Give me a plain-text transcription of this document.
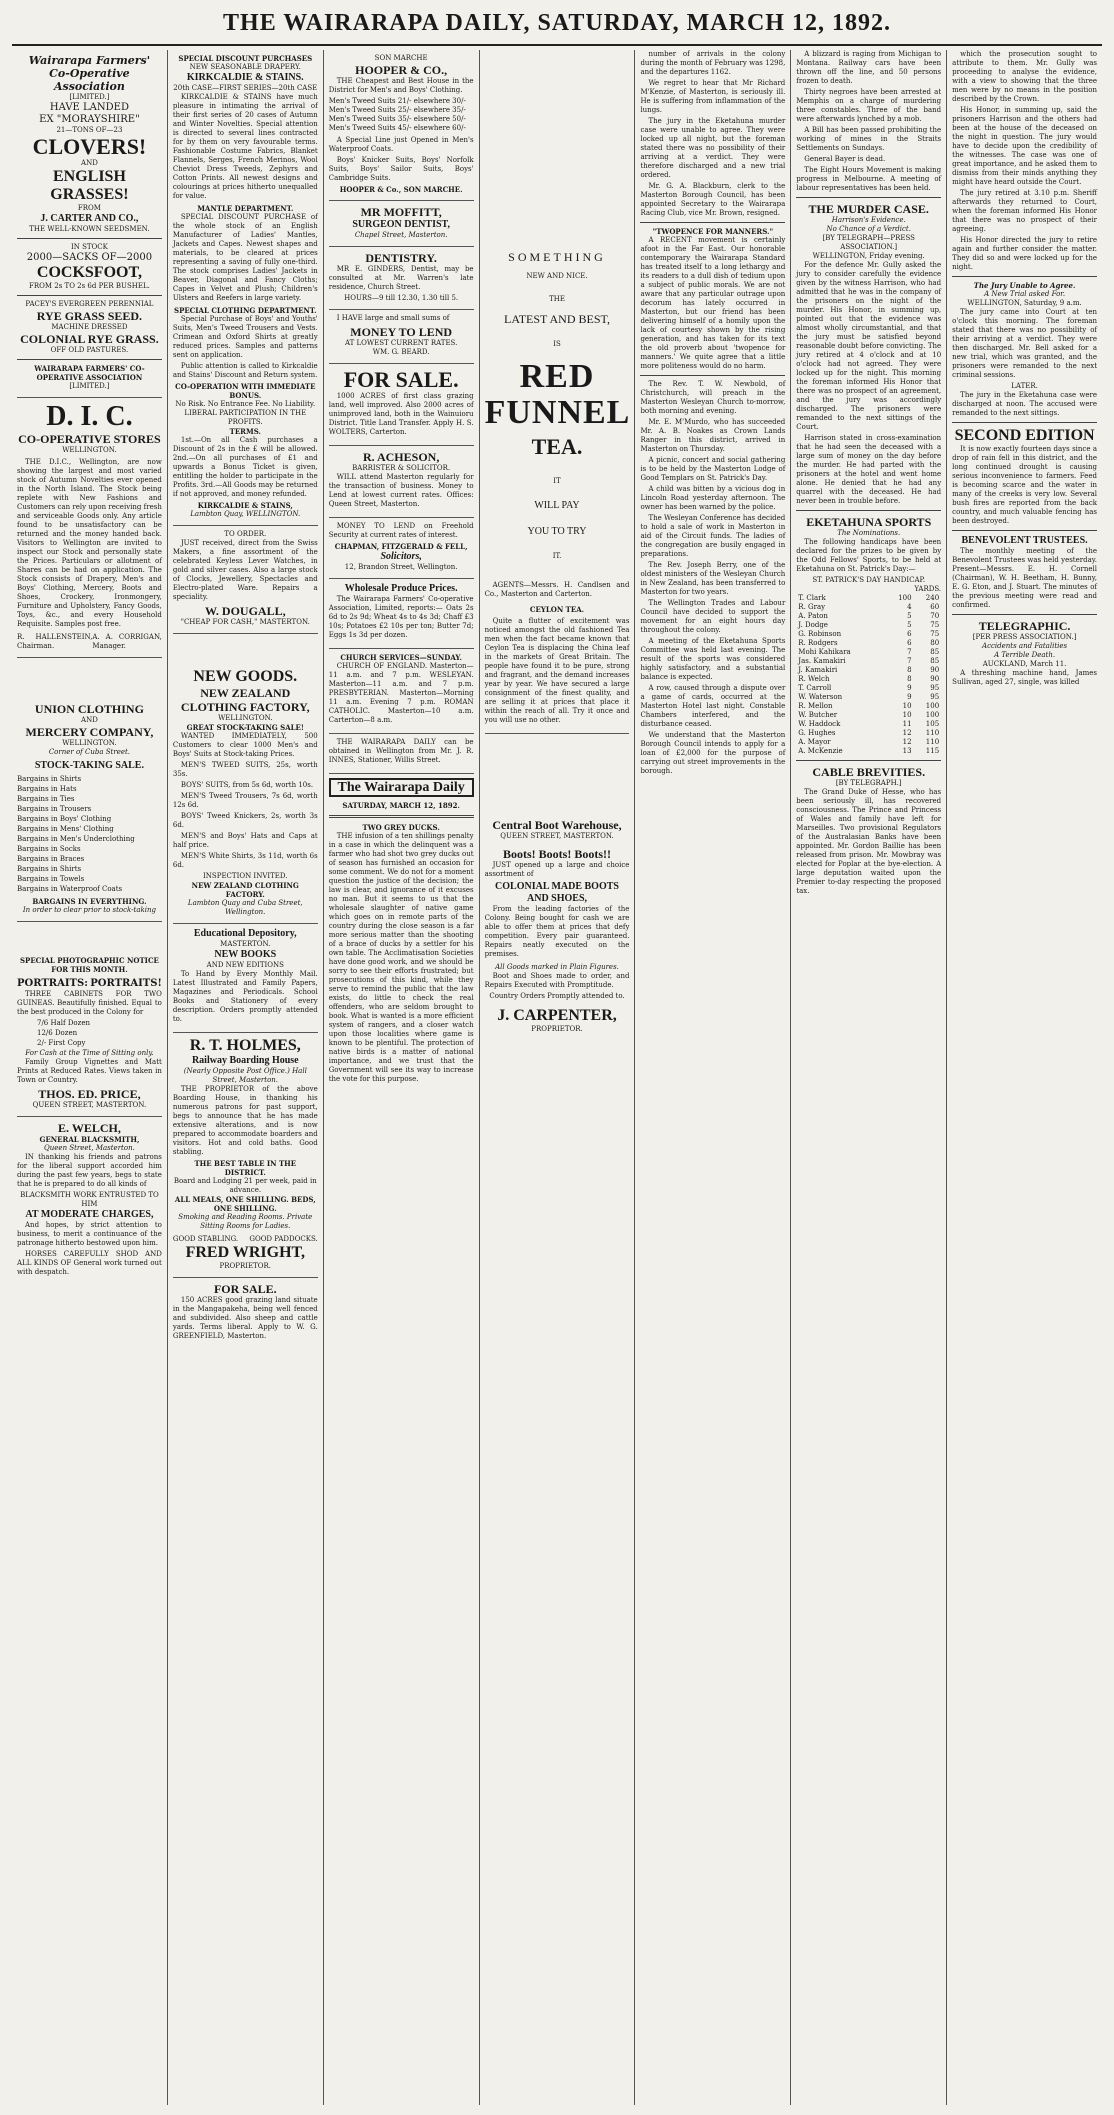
THE WAIRARAPA DAILY, SATURDAY, MARCH 12, 1892.
Wairarapa Farmers' Co-Operative Association
[LIMITED.]
HAVE LANDED
EX "MORAYSHIRE"
21—TONS OF—23
CLOVERS!
AND
ENGLISH GRASSES!
FROM
J. CARTER AND CO.,
THE WELL-KNOWN SEEDSMEN.
IN STOCK
2000—SACKS OF—2000
COCKSFOOT,
FROM 2s TO 2s 6d PER BUSHEL.
PACEY'S EVERGREEN PERENNIAL
RYE GRASS SEED.
MACHINE DRESSED
COLONIAL RYE GRASS.
OFF OLD PASTURES.
WAIRARAPA FARMERS' CO-OPERATIVE ASSOCIATION
[LIMITED.]
D. I. C.
CO-OPERATIVE STORES
WELLINGTON.
THE D.I.C., Wellington, are now showing the largest and most varied stock of Autumn Novelties ever opened in the North Island. The Stock being replete with New Fashions and Customers can rely upon receiving fresh and serviceable Goods only. Any article found to be unsatisfactory can be returned and the money handed back. Visitors to Wellington are invited to inspect our Stock and personally state the Prices. Particulars or allotment of Shares can be had on application. The Stock consists of Drapery, Men's and Boys' Clothing, Mercery, Boots and Shoes, Crockery, Ironmongery, Furniture and Upholstery, Fancy Goods, Toys, &c., and every Household Requisite. Samples post free.
R. HALLENSTEIN, Chairman.
A. A. CORRIGAN, Manager.
UNION CLOTHING
AND
MERCERY COMPANY,
WELLINGTON.
Corner of Cuba Street.
STOCK-TAKING SALE.
Bargains in Shirts
Bargains in Hats
Bargains in Ties
Bargains in Trousers
Bargains in Boys' Clothing
Bargains in Mens' Clothing
Bargains in Men's Underclothing
Bargains in Socks
Bargains in Braces
Bargains in Shirts
Bargains in Towels
Bargains in Waterproof Coats
BARGAINS IN EVERYTHING.
In order to clear prior to stock-taking
SPECIAL PHOTOGRAPHIC NOTICE FOR THIS MONTH.
PORTRAITS: PORTRAITS!
THREE CABINETS FOR TWO GUINEAS. Beautifully finished. Equal to the best produced in the Colony for
7/6 Half Dozen
12/6 Dozen
2/- First Copy
For Cash at the Time of Sitting only.
Family Group Vignettes and Matt Prints at Reduced Rates. Views taken in Town or Country.
THOS. ED. PRICE,
QUEEN STREET, MASTERTON.
E. WELCH,
GENERAL BLACKSMITH,
Queen Street, Masterton.
IN thanking his friends and patrons for the liberal support accorded him during the past few years, begs to state that he is prepared to do all kinds of
BLACKSMITH WORK ENTRUSTED TO HIM
AT MODERATE CHARGES,
And hopes, by strict attention to business, to merit a continuance of the patronage hitherto bestowed upon him.
HORSES CAREFULLY SHOD AND ALL KINDS OF General work turned out with despatch.
SPECIAL DISCOUNT PURCHASES
NEW SEASONABLE DRAPERY.
KIRKCALDIE & STAINS.
20th CASE—FIRST SERIES—20th CASE
KIRKCALDIE & STAINS have much pleasure in intimating the arrival of their first series of 20 cases of Autumn and Winter Novelties. Special attention is directed to several lines contracted for by them on very favourable terms. Fashionable Costume Fabrics, Blanket Flannels, Serges, French Merinos, Wool Cheviot Dress Tweeds, Zephyrs and Cotton Prints. All newest designs and colourings at prices hitherto unequalled for value.
MANTLE DEPARTMENT.
SPECIAL DISCOUNT PURCHASE of the whole stock of an English Manufacturer of Ladies' Mantles, Jackets and Capes. Newest shapes and materials, to be cleared at prices representing a saving of fully one-third. The stock comprises Ladies' Jackets in Beaver, Diagonal and Fancy Cloths; Capes in Velvet and Plush; Children's Ulsters and Reefers in large variety.
SPECIAL CLOTHING DEPARTMENT.
Special Purchase of Boys' and Youths' Suits, Men's Tweed Trousers and Vests. Crimean and Oxford Shirts at greatly reduced prices. Samples and patterns sent on application.
Public attention is called to Kirkcaldie and Stains' Discount and Return system.
CO-OPERATION WITH IMMEDIATE BONUS.
No Risk. No Entrance Fee. No Liability.
LIBERAL PARTICIPATION IN THE PROFITS.
TERMS.
1st.—On all Cash purchases a Discount of 2s in the £ will be allowed. 2nd.—On all purchases of £1 and upwards a Bonus Ticket is given, entitling the holder to participate in the Profits. 3rd.—All Goods may be returned if not approved, and money refunded.
KIRKCALDIE & STAINS,
Lambton Quay, WELLINGTON.
TO ORDER.
JUST received, direct from the Swiss Makers, a fine assortment of the celebrated Keyless Lever Watches, in gold and silver cases. Also a large stock of Clocks, Jewellery, Spectacles and Electro-plated Ware. Repairs a speciality.
W. DOUGALL,
"CHEAP FOR CASH," MASTERTON.
NEW GOODS.
NEW ZEALAND CLOTHING FACTORY,
WELLINGTON.
GREAT STOCK-TAKING SALE!
WANTED IMMEDIATELY, 500 Customers to clear 1000 Men's and Boys' Suits at Stock-taking Prices.
MEN'S TWEED SUITS, 25s, worth 35s.
BOYS' SUITS, from 5s 6d, worth 10s.
MEN'S Tweed Trousers, 7s 6d, worth 12s 6d.
BOYS' Tweed Knickers, 2s, worth 3s 6d.
MEN'S and Boys' Hats and Caps at half price.
MEN'S White Shirts, 3s 11d, worth 6s 6d.
INSPECTION INVITED.
NEW ZEALAND CLOTHING FACTORY.
Lambton Quay and Cuba Street, Wellington.
Educational Depository,
MASTERTON.
NEW BOOKS
AND NEW EDITIONS
To Hand by Every Monthly Mail. Latest Illustrated and Family Papers, Magazines and Periodicals. School Books and Stationery of every description. Orders promptly attended to.
R. T. HOLMES,
Railway Boarding House
(Nearly Opposite Post Office.) Hall Street, Masterton.
THE PROPRIETOR of the above Boarding House, in thanking his numerous patrons for past support, begs to announce that he has made extensive alterations, and is now prepared to accommodate boarders and visitors. Hot and cold baths. Good stabling.
THE BEST TABLE IN THE DISTRICT.
Board and Lodging 21 per week, paid in advance.
ALL MEALS, ONE SHILLING. BEDS, ONE SHILLING.
Smoking and Reading Rooms. Private
Sitting Rooms for Ladies.
GOOD STABLING. GOOD PADDOCKS.
FRED WRIGHT,
PROPRIETOR.
FOR SALE.
150 ACRES good grazing land situate in the Mangapakeha, being well fenced and subdivided. Also sheep and cattle yards. Terms liberal. Apply to W. G. GREENFIELD, Masterton.
SON MARCHE
HOOPER & CO.,
THE Cheapest and Best House in the District for Men's and Boys' Clothing.
Men's Tweed Suits 21/- elsewhere 30/-
Men's Tweed Suits 25/- elsewhere 35/-
Men's Tweed Suits 35/- elsewhere 50/-
Men's Tweed Suits 45/- elsewhere 60/-
A Special Line just Opened in Men's Waterproof Coats.
Boys' Knicker Suits, Boys' Norfolk Suits, Boys' Sailor Suits, Boys' Cambridge Suits.
HOOPER & Co., SON MARCHE.
MR MOFFITT,
SURGEON DENTIST,
Chapel Street, Masterton.
DENTISTRY.
MR E. GINDERS, Dentist, may be consulted at Mr. Warren's late residence, Church Street.
HOURS—9 till 12.30, 1.30 till 5.
I HAVE large and small sums of
MONEY TO LEND
AT LOWEST CURRENT RATES.
WM. G. BEARD.
FOR SALE.
1000 ACRES of first class grazing land, well improved. Also 2000 acres of unimproved land, both in the Wainuioru District. Title Land Transfer. Apply H. S. WOLTERS, Carterton.
R. ACHESON,
BARRISTER & SOLICITOR.
WILL attend Masterton regularly for the transaction of business. Money to Lend at lowest current rates. Offices: Queen Street, Masterton.
MONEY TO LEND on Freehold Security at current rates of interest.
CHAPMAN, FITZGERALD & FELL,
Solicitors,
12, Brandon Street, Wellington.
Wholesale Produce Prices.
The Wairarapa Farmers' Co-operative Association, Limited, reports:— Oats 2s 6d to 2s 9d; Wheat 4s to 4s 3d; Chaff £3 10s; Potatoes £2 10s per ton; Butter 7d; Eggs 1s 3d per dozen.
CHURCH SERVICES—SUNDAY.
CHURCH OF ENGLAND. Masterton—11 a.m. and 7 p.m. WESLEYAN. Masterton—11 a.m. and 7 p.m. PRESBYTERIAN. Masterton—Morning 11 a.m. Evening 7 p.m. ROMAN CATHOLIC. Masterton—10 a.m. Carterton—8 a.m.
THE WAIRARAPA DAILY can be obtained in Wellington from Mr. J. R. INNES, Stationer, Willis Street.
The Wairarapa Daily
SATURDAY, MARCH 12, 1892.
TWO GREY DUCKS.
THE infusion of a ten shillings penalty in a case in which the delinquent was a farmer who had shot two grey ducks out of season has furnished an occasion for some comment. We do not for a moment question the justice of the decision; the law is clear, and ignorance of it excuses no man. But it seems to us that the wholesale slaughter of native game which goes on in remote parts of the country during the close season is a far more serious matter than the shooting of a brace of ducks by a settler for his own table. The Acclimatisation Societies have done good work, and we should be sorry to see their efforts frustrated; but prosecutions of this kind, while they serve to remind the public that the law exists, do little to check the real offenders, who are seldom brought to book. What is wanted is a more efficient system of rangers, and a closer watch upon those localities where game is known to be plentiful. The protection of native birds is a matter of national importance, and we trust that the Government will see its way to increase the vote for this purpose.
SOMETHING
NEW AND NICE.
THE
LATEST AND BEST,
IS
RED FUNNEL
TEA.
IT
WILL PAY
YOU TO TRY
IT.
AGENTS—Messrs. H. Candlsen and Co., Masterton and Carterton.
CEYLON TEA.
Quite a flutter of excitement was noticed amongst the old fashioned Tea men when the fact became known that Ceylon Tea is displacing the China leaf in the markets of Great Britain. The people have found it to be pure, strong and fragrant, and the demand increases year by year. We have secured a large consignment of the finest quality, and are selling it at prices that place it within the reach of all. Try it once and you will use no other.
Central Boot Warehouse,
QUEEN STREET, MASTERTON.
Boots! Boots! Boots!!
JUST opened up a large and choice assortment of
COLONIAL MADE BOOTS AND SHOES,
From the leading factories of the Colony. Being bought for cash we are able to offer them at prices that defy competition. Every pair guaranteed. Repairs neatly executed on the premises.
All Goods marked in Plain Figures.
Boot and Shoes made to order, and Repairs Executed with Promptitude.
Country Orders Promptly attended to.
J. CARPENTER,
PROPRIETOR.
number of arrivals in the colony during the month of February was 1298, and the departures 1162.
We regret to hear that Mr Richard M'Kenzie, of Masterton, is seriously ill. He is suffering from inflammation of the lungs.
The jury in the Eketahuna murder case were unable to agree. They were locked up all night, but the foreman stated there was no possibility of their arriving at a verdict. They were therefore discharged and a new trial ordered.
Mr. G. A. Blackburn, clerk to the Masterton Borough Council, has been appointed Secretary to the Wairarapa Racing Club, vice Mr. Brown, resigned.
"TWOPENCE FOR MANNERS."
A RECENT movement is certainly afoot in the Far East. Our honorable contemporary the Wairarapa Standard has treated itself to a long lethargy and its readers to a dull dish of tedium upon a subject of public morals. We are not aware that any particular outrage upon decorum has lately occurred in Masterton, but our friend has been delivering himself of a homily upon the lack of courtesy shown by the rising generation, and has taken for its text the old proverb about 'twopence for manners.' We quite agree that a little more politeness would do no harm.
The Rev. T. W. Newbold, of Christchurch, will preach in the Masterton Wesleyan Church to-morrow, both morning and evening.
Mr. E. M'Murdo, who has succeeded Mr. A. B. Noakes as Crown Lands Ranger in this district, arrived in Masterton on Thursday.
A picnic, concert and social gathering is to be held by the Masterton Lodge of Good Templars on St. Patrick's Day.
A child was bitten by a vicious dog in Lincoln Road yesterday afternoon. The owner has been warned by the police.
The Wesleyan Conference has decided to hold a sale of work in Masterton in aid of the Circuit funds. The ladies of the congregation are busily engaged in preparations.
The Rev. Joseph Berry, one of the oldest ministers of the Wesleyan Church in New Zealand, has been transferred to Masterton for two years.
The Wellington Trades and Labour Council have decided to support the movement for an eight hours day throughout the colony.
A meeting of the Eketahuna Sports Committee was held last evening. The result of the sports was considered highly satisfactory, and a substantial balance is expected.
A row, caused through a dispute over a game of cards, occurred at the Masterton Hotel last night. Constable Chambers interfered, and the disturbance ceased.
We understand that the Masterton Borough Council intends to apply for a loan of £2,000 for the purpose of carrying out street improvements in the borough.
A blizzard is raging from Michigan to Montana. Railway cars have been thrown off the line, and 50 persons frozen to death.
Thirty negroes have been arrested at Memphis on a charge of murdering three constables. Three of the band were afterwards lynched by a mob.
A Bill has been passed prohibiting the working of mines in the Straits Settlements on Sundays.
General Bayer is dead.
The Eight Hours Movement is making progress in Melbourne. A meeting of labour representatives has been held.
THE MURDER CASE.
Harrison's Evidence.
No Chance of a Verdict.
[BY TELEGRAPH—PRESS ASSOCIATION.]
WELLINGTON, Friday evening.
For the defence Mr. Gully asked the jury to consider carefully the evidence given by the witness Harrison, who had admitted that he was in the company of the prisoners on the night of the murder. His Honor, in summing up, pointed out that the evidence was almost wholly circumstantial, and that the jury must be satisfied beyond reasonable doubt before convicting. The jury retired at 4 o'clock and at 10 o'clock had not agreed. They were locked up for the night. This morning the foreman informed His Honor that there was no prospect of an agreement, and the jury was accordingly discharged. The prisoners were remanded to the next sittings of the Court.
Harrison stated in cross-examination that he had seen the deceased with a large sum of money on the day before the murder. He had parted with the prisoners at the hotel and went home alone. He denied that he had any quarrel with the deceased. He had never been in trouble before.
EKETAHUNA SPORTS
The Nominations.
The following handicaps have been declared for the prizes to be given by the Odd Fellows' Sports, to be held at Eketahuna on St. Patrick's Day:—
ST. PATRICK'S DAY HANDICAP.
YARDS.
T. Clark	100	240
R. Gray	4	60
A. Paton	5	70
J. Dodge	5	75
G. Robinson	6	75
R. Rodgers	6	80
Mohi Kahikara	7	85
Jas. Kamakiri	7	85
J. Kamakiri	8	90
R. Welch	8	90
T. Carroll	9	95
W. Waterson	9	95
R. Mellon	10	100
W. Butcher	10	100
W. Haddock	11	105
G. Hughes	12	110
A. Mayor	12	110
A. McKenzie	13	115
CABLE BREVITIES.
[BY TELEGRAPH.]
The Grand Duke of Hesse, who has been seriously ill, has recovered consciousness. The Prince and Princess of Wales and family have left for Marseilles. Two provisional Regulators of the Australasian Banks have been appointed. Mr. Gordon Baillie has been released from prison. Mr. Mowbray was elected for Poplar at the bye-election. A large deputation waited upon the Premier to-day respecting the proposed tax.
which the prosecution sought to attribute to them. Mr. Gully was proceeding to analyse the evidence, with a view to showing that the three men were by no means in the position described by the Crown.
His Honor, in summing up, said the prisoners Harrison and the others had been at the house of the deceased on the night in question. The jury would have to decide upon the credibility of the witnesses. The case was one of great importance, and he asked them to dismiss from their minds anything they might have heard outside the Court.
The jury retired at 3.10 p.m. Sheriff afterwards they returned to Court, when the foreman informed His Honor that there was no prospect of their agreeing.
His Honor directed the jury to retire again and further consider the matter. They did so and were locked up for the night.
The Jury Unable to Agree.
A New Trial asked For.
WELLINGTON, Saturday, 9 a.m.
The jury came into Court at ten o'clock this morning. The foreman stated that there was no possibility of their arriving at a verdict. They were then discharged. Mr. Bell asked for a new trial, which was granted, and the prisoners were remanded to the next criminal sessions.
LATER.
The jury in the Eketahuna case were discharged at noon. The accused were remanded to the next sittings.
SECOND EDITION
It is now exactly fourteen days since a drop of rain fell in this district, and the long continued drought is causing serious inconvenience to farmers. Feed is becoming scarce and the water in many of the creeks is very low. Several bush fires are reported from the back country, and much valuable fencing has been destroyed.
BENEVOLENT TRUSTEES.
The monthly meeting of the Benevolent Trustees was held yesterday. Present—Messrs. E. H. Cornell (Chairman), W. H. Beetham, H. Bunny, E. G. Eton, and J. Stuart. The minutes of the previous meeting were read and confirmed.
TELEGRAPHIC.
[PER PRESS ASSOCIATION.]
Accidents and Fatalities
A Terrible Death.
AUCKLAND, March 11.
A threshing machine hand, James Sullivan, aged 27, single, was killed
